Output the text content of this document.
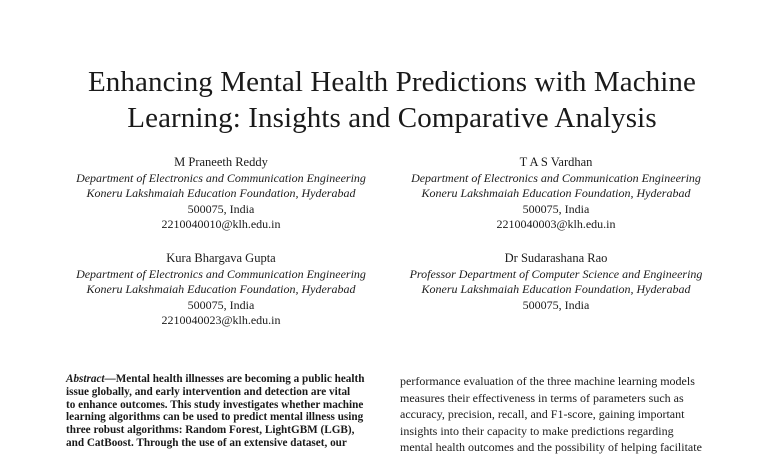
Enhancing Mental Health Predictions with Machine
Learning: Insights and Comparative Analysis
M Praneeth Reddy
Department of Electronics and Communication Engineering
Koneru Lakshmaiah Education Foundation, Hyderabad
500075, India
2210040010@klh.edu.in
T A S Vardhan
Department of Electronics and Communication Engineering
Koneru Lakshmaiah Education Foundation, Hyderabad
500075, India
2210040003@klh.edu.in
Kura Bhargava Gupta
Department of Electronics and Communication Engineering
Koneru Lakshmaiah Education Foundation, Hyderabad
500075, India
2210040023@klh.edu.in
Dr Sudarashana Rao
Professor Department of Computer Science and Engineering
Koneru Lakshmaiah Education Foundation, Hyderabad
500075, India
Abstract—Mental health illnesses are becoming a public health
issue globally, and early intervention and detection are vital
to enhance outcomes. This study investigates whether machine
learning algorithms can be used to predict mental illness using
three robust algorithms: Random Forest, LightGBM (LGB),
and CatBoost. Through the use of an extensive dataset, our
performance evaluation of the three machine learning models
measures their effectiveness in terms of parameters such as
accuracy, precision, recall, and F1-score, gaining important
insights into their capacity to make predictions regarding
mental health outcomes and the possibility of helping facilitate
